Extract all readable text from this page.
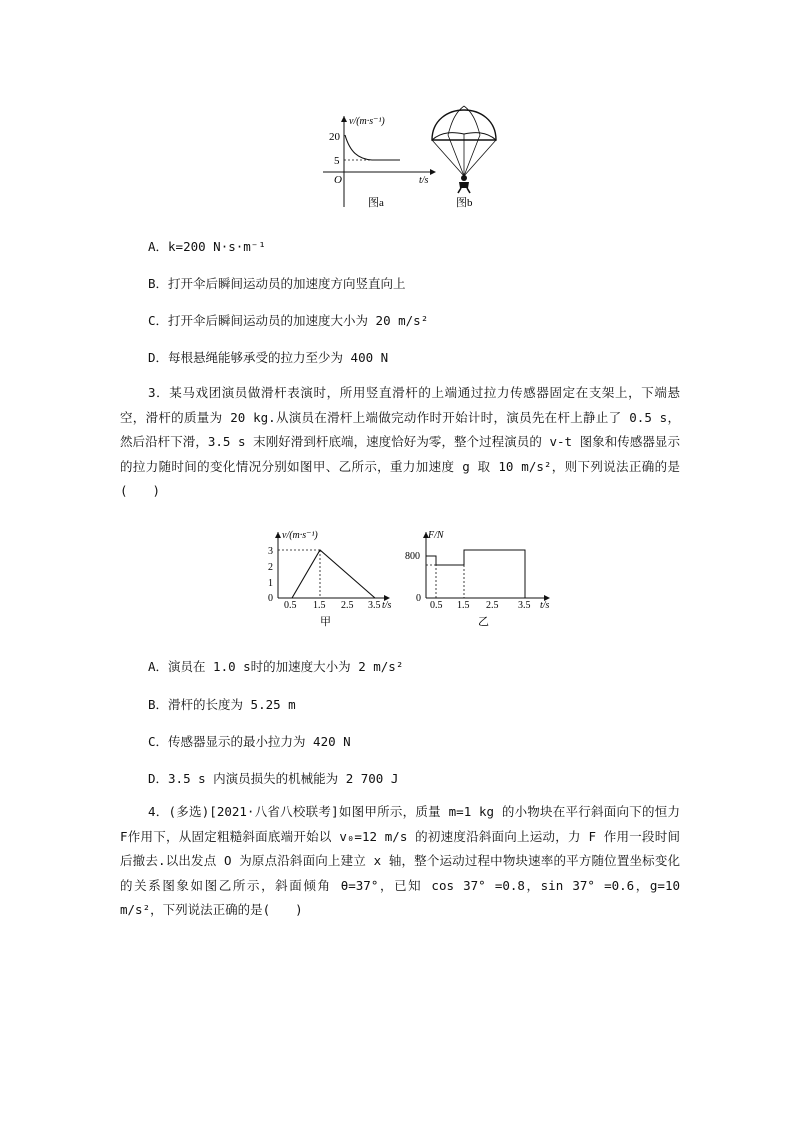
v/(m·s⁻¹)
20
5
O	t/s
图a	图b
A．k=200 N·s·m⁻¹
B．打开伞后瞬间运动员的加速度方向竖直向上
C．打开伞后瞬间运动员的加速度大小为 20 m/s²
D．每根悬绳能够承受的拉力至少为 400 N
3．某马戏团演员做滑杆表演时，所用竖直滑杆的上端通过拉力传感器固定在支架上，下端悬空，滑杆的质量为 20 kg.从演员在滑杆上端做完动作时开始计时，演员先在杆上静止了 0.5 s，然后沿杆下滑，3.5 s 末刚好滑到杆底端，速度恰好为零，整个过程演员的 v-t 图象和传感器显示的拉力随时间的变化情况分别如图甲、乙所示，重力加速度 g 取 10 m/s²，则下列说法正确的是(　　)
v/(m·s⁻¹)
3
2
1
0
0.5 1.5 2.5 3.5 t/s
甲
F/N
800
0
0.5 1.5 2.5 3.5 t/s
乙
A．演员在 1.0 s时的加速度大小为 2 m/s²
B．滑杆的长度为 5.25 m
C．传感器显示的最小拉力为 420 N
D．3.5 s 内演员损失的机械能为 2 700 J
4．(多选)[2021·八省八校联考]如图甲所示，质量 m=1 kg 的小物块在平行斜面向下的恒力 F作用下，从固定粗糙斜面底端开始以 v₀=12 m/s 的初速度沿斜面向上运动，力 F 作用一段时间后撤去.以出发点 O 为原点沿斜面向上建立 x 轴，整个运动过程中物块速率的平方随位置坐标变化的关系图象如图乙所示，斜面倾角 θ=37°，已知 cos 37° =0.8，sin 37° =0.6，g=10 m/s²，下列说法正确的是(　　)
